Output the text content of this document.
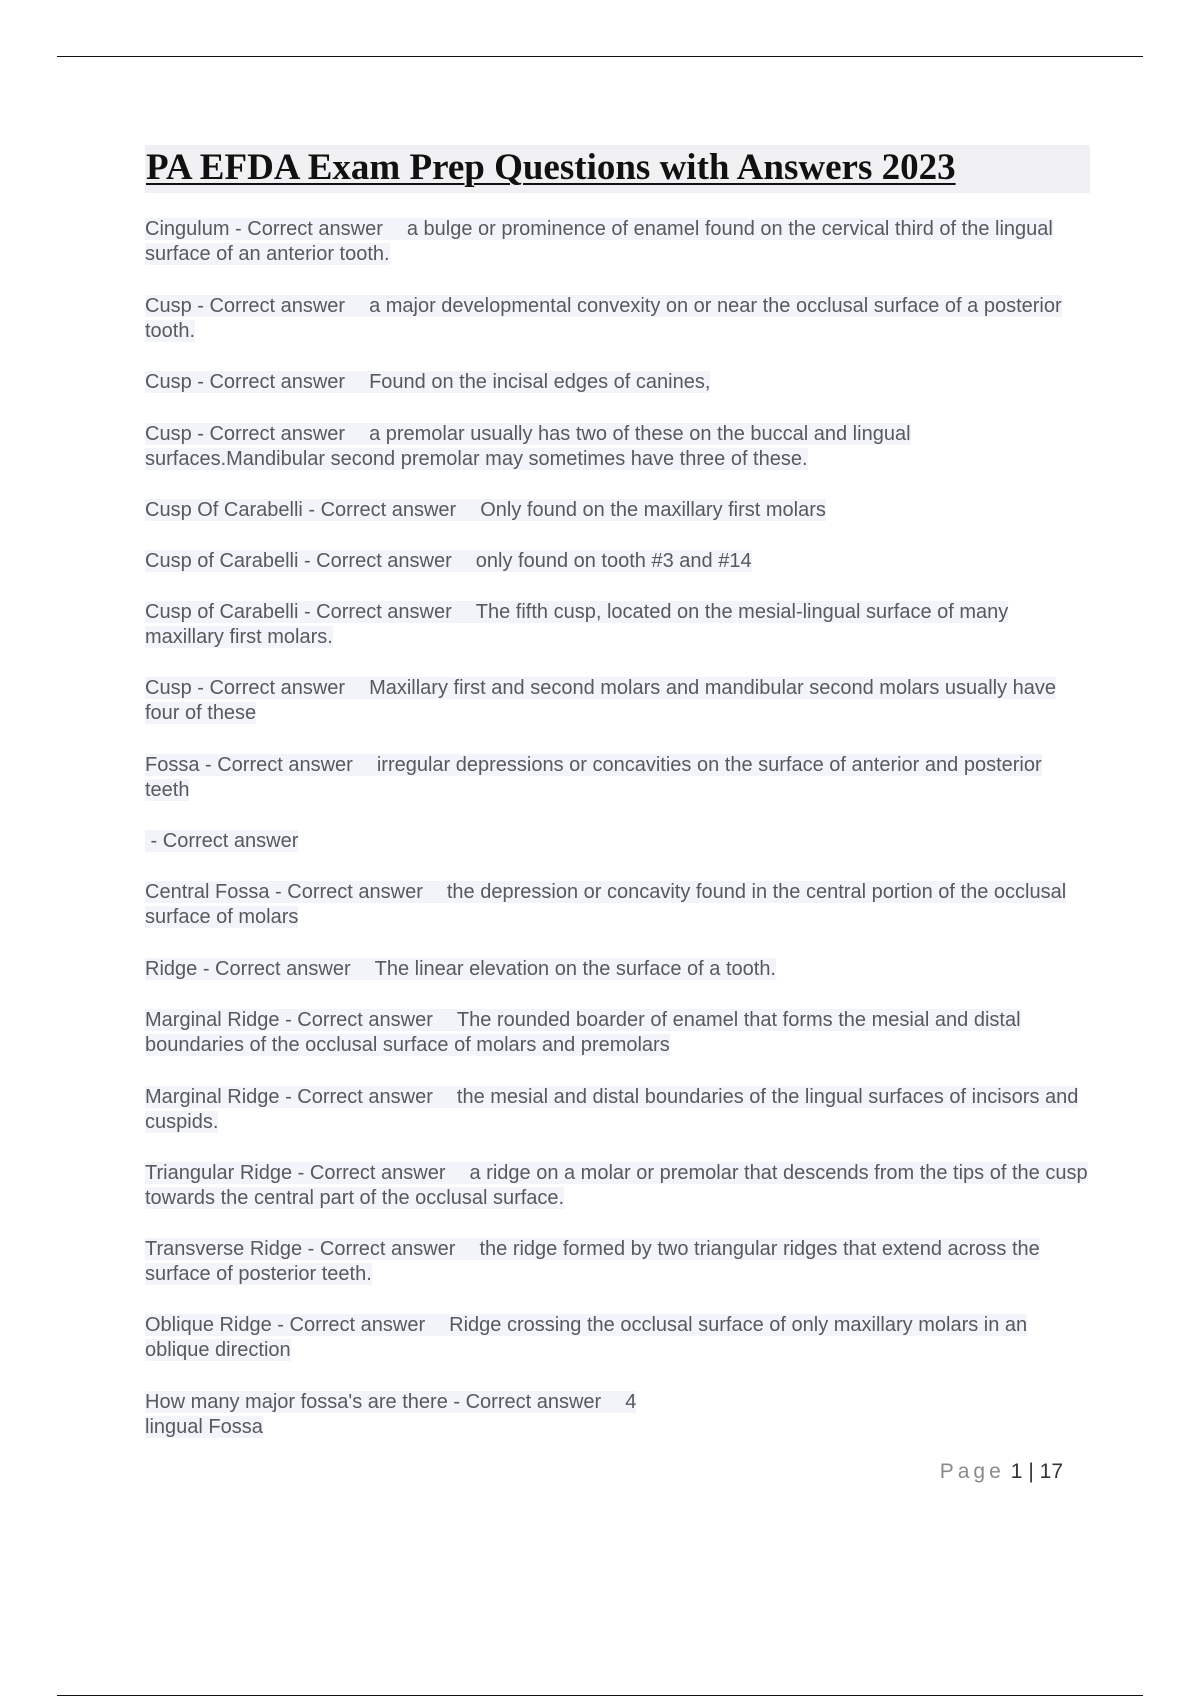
PA EFDA Exam Prep Questions with Answers 2023

Cingulum - Correct answer a bulge or prominence of enamel found on the cervical third of the lingual surface of an anterior tooth.

Cusp - Correct answer a major developmental convexity on or near the occlusal surface of a posterior tooth.

Cusp - Correct answer Found on the incisal edges of canines,

Cusp - Correct answer a premolar usually has two of these on the buccal and lingual surfaces.Mandibular second premolar may sometimes have three of these.

Cusp Of Carabelli - Correct answer Only found on the maxillary first molars

Cusp of Carabelli - Correct answer only found on tooth #3 and #14

Cusp of Carabelli - Correct answer The fifth cusp, located on the mesial-lingual surface of many maxillary first molars.

Cusp - Correct answer Maxillary first and second molars and mandibular second molars usually have four of these

Fossa - Correct answer irregular depressions or concavities on the surface of anterior and posterior teeth

- Correct answer

Central Fossa - Correct answer the depression or concavity found in the central portion of the occlusal surface of molars

Ridge - Correct answer The linear elevation on the surface of a tooth.

Marginal Ridge - Correct answer The rounded boarder of enamel that forms the mesial and distal boundaries of the occlusal surface of molars and premolars

Marginal Ridge - Correct answer the mesial and distal boundaries of the lingual surfaces of incisors and cuspids.

Triangular Ridge - Correct answer a ridge on a molar or premolar that descends from the tips of the cusp towards the central part of the occlusal surface.

Transverse Ridge - Correct answer the ridge formed by two triangular ridges that extend across the surface of posterior teeth.

Oblique Ridge - Correct answer Ridge crossing the occlusal surface of only maxillary molars in an oblique direction

How many major fossa's are there - Correct answer 4
lingual Fossa

Page 1 | 17
